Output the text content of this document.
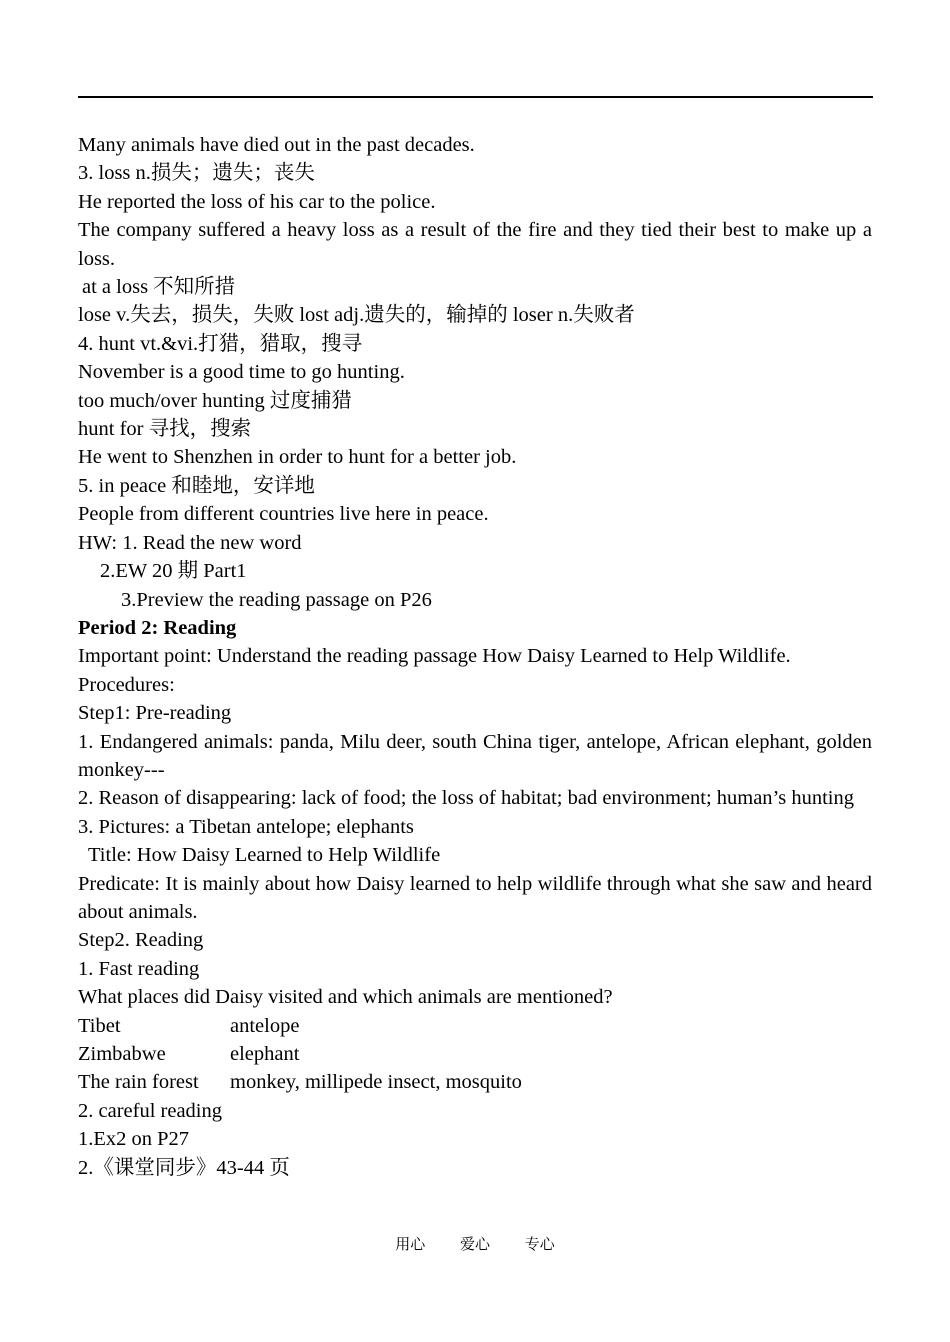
Many animals have died out in the past decades.
3. loss n.损失；遗失；丧失
He reported the loss of his car to the police.
The company suffered a heavy loss as a result of the fire and they tied their best to make up a loss.
at a loss 不知所措
lose v.失去，损失，失败 lost adj.遗失的，输掉的 loser n.失败者
4. hunt vt.&vi.打猎，猎取，搜寻
November is a good time to go hunting.
too much/over hunting 过度捕猎
hunt for 寻找，搜索
He went to Shenzhen in order to hunt for a better job.
5. in peace 和睦地，安详地
People from different countries live here in peace.
HW: 1. Read the new word
2.EW 20 期 Part1
3.Preview the reading passage on P26
Period 2: Reading
Important point: Understand the reading passage How Daisy Learned to Help Wildlife.
Procedures:
Step1: Pre-reading
1. Endangered animals: panda, Milu deer, south China tiger, antelope, African elephant, golden monkey---
2. Reason of disappearing: lack of food; the loss of habitat; bad environment; human’s hunting
3. Pictures: a Tibetan antelope; elephants
Title: How Daisy Learned to Help Wildlife
Predicate: It is mainly about how Daisy learned to help wildlife through what she saw and heard about animals.
Step2. Reading
1. Fast reading
What places did Daisy visited and which animals are mentioned?
Tibet	antelope
Zimbabwe	elephant
The rain forest	monkey, millipede insect, mosquito
2. careful reading
1.Ex2 on P27
2.《课堂同步》43-44 页
用心 爱心 专心
